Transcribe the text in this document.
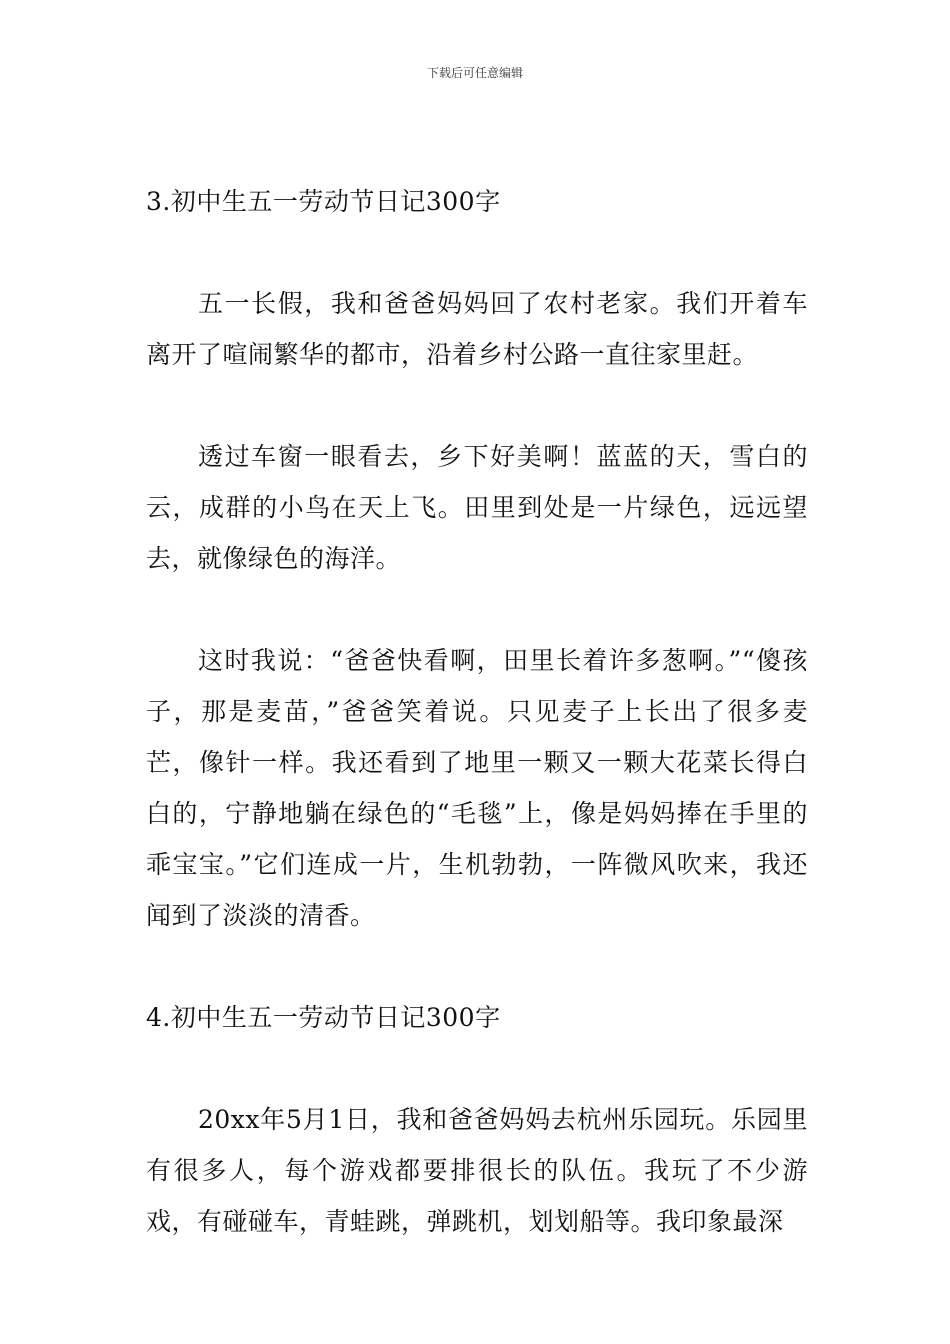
下载后可任意编辑
3.初中生五一劳动节日记300字

五一长假，我和爸爸妈妈回了农村老家。我们开着车离开了喧闹繁华的都市，沿着乡村公路一直往家里赶。

透过车窗一眼看去，乡下好美啊！蓝蓝的天，雪白的云，成群的小鸟在天上飞。田里到处是一片绿色，远远望去，就像绿色的海洋。

这时我说：“爸爸快看啊，田里长着许多葱啊。”“傻孩子，那是麦苗，”爸爸笑着说。只见麦子上长出了很多麦芒，像针一样。我还看到了地里一颗又一颗大花菜长得白白的，宁静地躺在绿色的“毛毯”上，像是妈妈捧在手里的乖宝宝。”它们连成一片，生机勃勃，一阵微风吹来，我还闻到了淡淡的清香。

4.初中生五一劳动节日记300字

20xx年5月1日，我和爸爸妈妈去杭州乐园玩。乐园里有很多人，每个游戏都要排很长的队伍。我玩了不少游戏，有碰碰车，青蛙跳，弹跳机，划划船等。我印象最深
